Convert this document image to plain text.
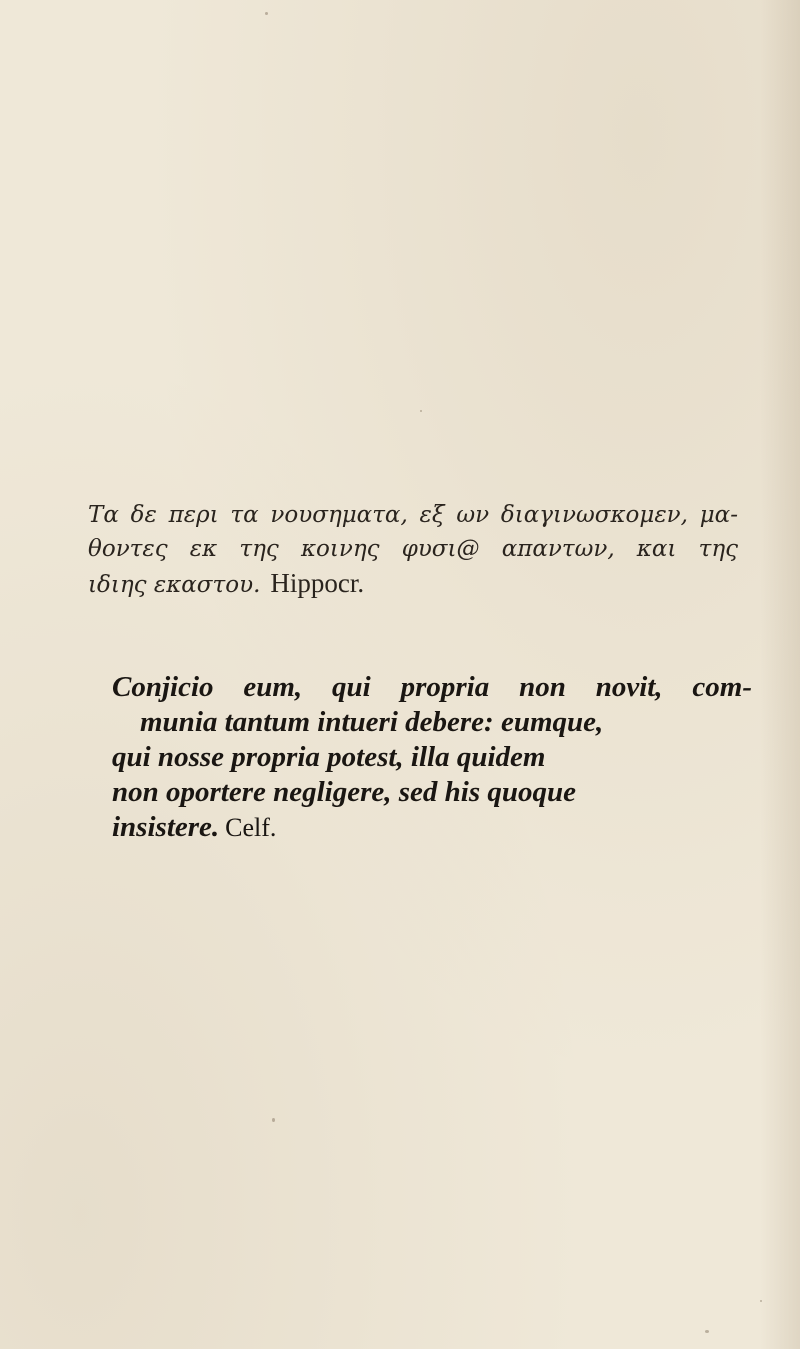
Τα δε περι τα νουσηματα, εξ ων διαγινωσκομεν, μα-
θοντες εκ της κοινης φυσι@ απαντων, και της
ιδιης εκαστου. Hippocr.
Conjicio eum, qui propria non novit, com-
munia tantum intueri debere: eumque,
qui nosse propria potest, illa quidem
non oportere negligere, sed his quoque
insistere. Celf.
